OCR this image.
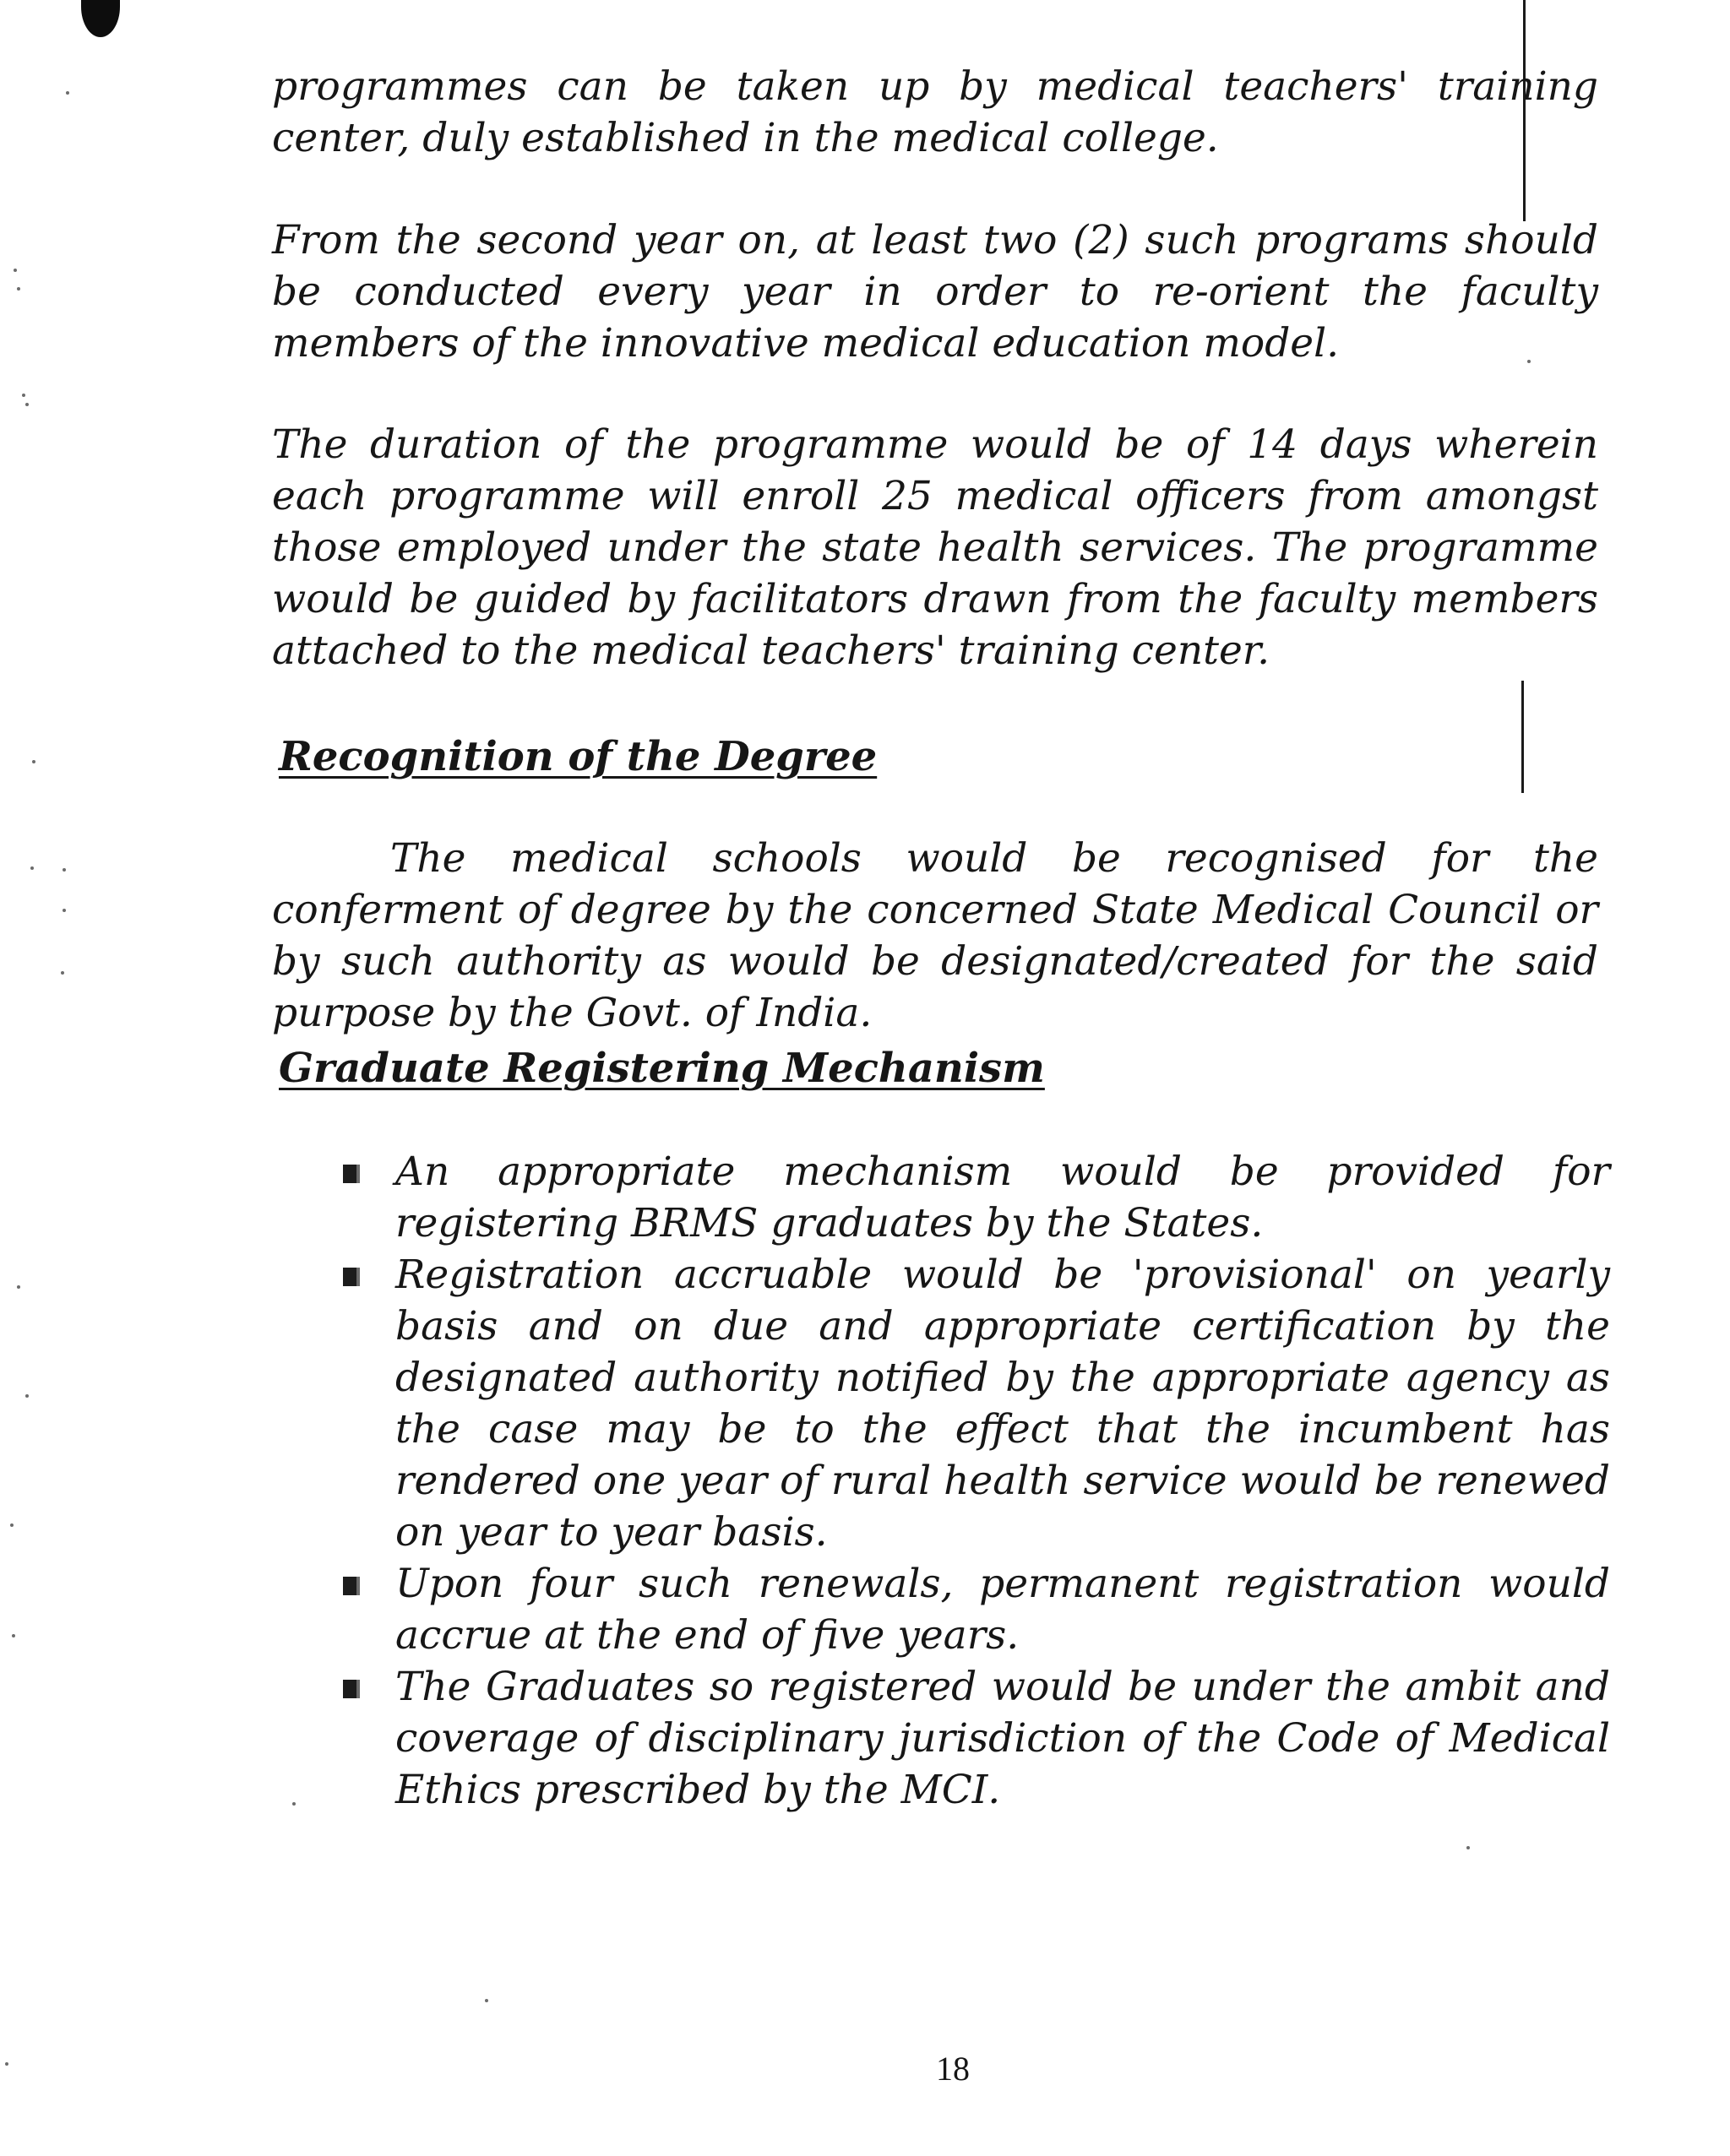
programmes can be taken up by medical teachers' training center, duly established in the medical college.

From the second year on, at least two (2) such programs should be conducted every year in order to re-orient the faculty members of the innovative medical education model.

The duration of the programme would be of 14 days wherein each programme will enroll 25 medical officers from amongst those employed under the state health services. The programme would be guided by facilitators drawn from the faculty members attached to the medical teachers' training center.

Recognition of the Degree

The medical schools would be recognised for the conferment of degree by the concerned State Medical Council or by such authority as would be designated/created for the said purpose by the Govt. of India.

Graduate Registering Mechanism
An appropriate mechanism would be provided for registering BRMS graduates by the States.
Registration accruable would be 'provisional' on yearly basis and on due and appropriate certification by the designated authority notified by the appropriate agency as the case may be to the effect that the incumbent has rendered one year of rural health service would be renewed on year to year basis.
Upon four such renewals, permanent registration would accrue at the end of five years.
The Graduates so registered would be under the ambit and coverage of disciplinary jurisdiction of the Code of Medical Ethics prescribed by the MCI.

18
